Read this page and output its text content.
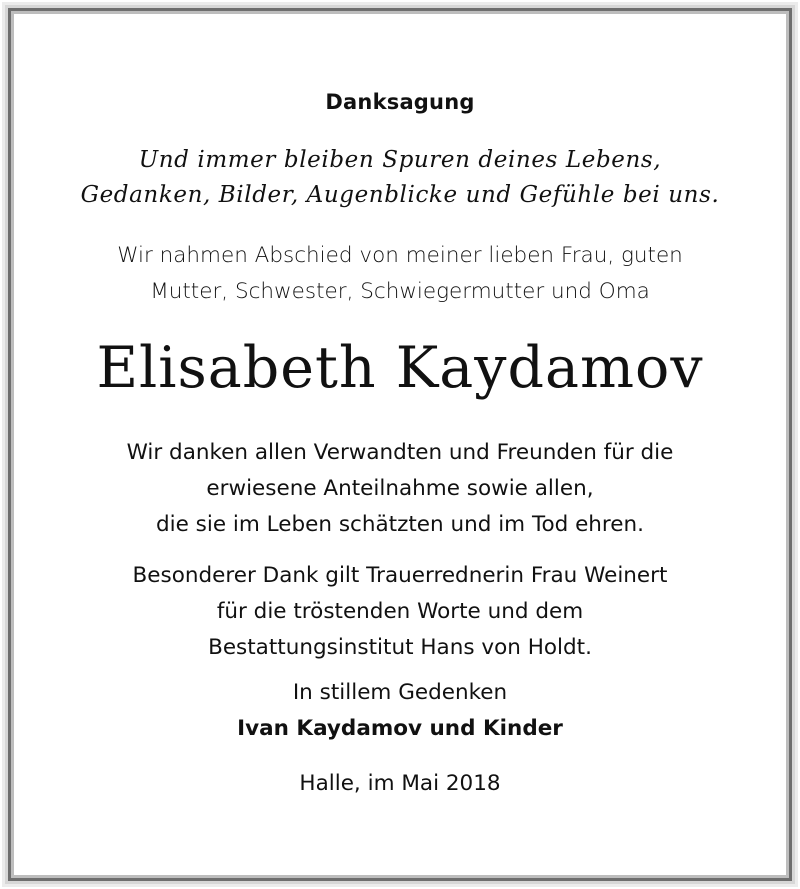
Danksagung
Und immer bleiben Spuren deines Lebens,
Gedanken, Bilder, Augenblicke und Gefühle bei uns.
Wir nahmen Abschied von meiner lieben Frau, guten
Mutter, Schwester, Schwiegermutter und Oma
Elisabeth Kaydamov
Wir danken allen Verwandten und Freunden für die
erwiesene Anteilnahme sowie allen,
die sie im Leben schätzten und im Tod ehren.
Besonderer Dank gilt Trauerrednerin Frau Weinert
für die tröstenden Worte und dem
Bestattungsinstitut Hans von Holdt.
In stillem Gedenken
Ivan Kaydamov und Kinder
Halle, im Mai 2018
